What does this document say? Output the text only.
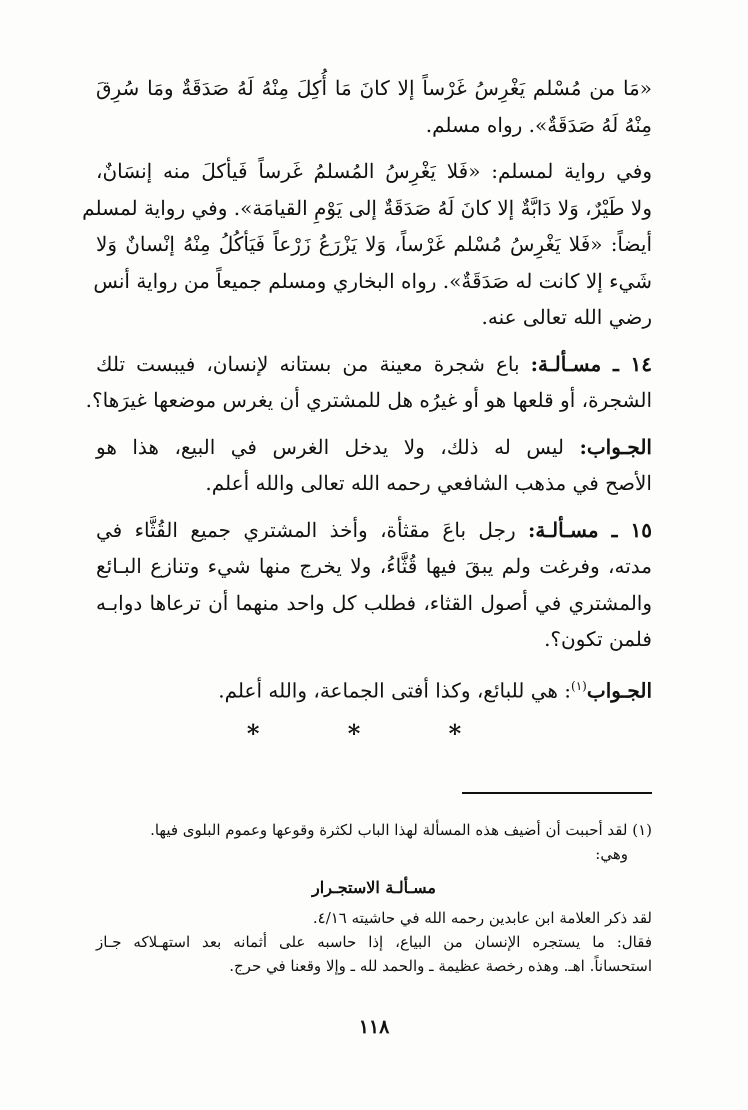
«مَا من مُسْلم يَغْرِسُ غَرْساً إلا كانَ مَا أُكِلَ مِنْهُ لَهُ صَدَقَةٌ ومَا سُرِقَ
مِنْهُ لَهُ صَدَقَةٌ». رواه مسلم.

وفي رواية لمسلم: «فَلا يَغْرِسُ المُسلمُ غَرساً فَيأكلَ منه إنسَانٌ،
ولا طَيْرٌ، وَلا دَابَّةٌ إلا كانَ لَهُ صَدَقَةٌ إلى يَوْمِ القيامَة». وفي رواية لمسلم
أيضاً: «فَلا يَغْرِسُ مُسْلم غَرْساً، وَلا يَزْرَعُ زَرْعاً فَيَأكُلُ مِنْهُ إنْسانٌ وَلا
شَيء إلا كانت له صَدَقَةٌ». رواه البخاري ومسلم جميعاً من رواية أنس
رضي الله تعالى عنه.

١٤ ـ مسـألـة: باع شجرة معينة من بستانه لإنسان، فيبست تلك
الشجرة، أو قلعها هو أو غيرُه هل للمشتري أن يغرس موضعها غيرَها؟.

الجـواب: ليس له ذلك، ولا يدخل الغرس في البيع، هذا هو
الأصح في مذهب الشافعي رحمه الله تعالى والله أعلم.

١٥ ـ مسـألـة: رجل باعَ مقثأة، وأخذ المشتري جميع القُثَّاء في
مدته، وفرغت ولم يبقَ فيها قُثَّاءُ، ولا يخرج منها شيء وتنازع البـائع
والمشتري في أصول القثاء، فطلب كل واحد منهما أن ترعاها دوابـه
فلمن تكون؟.

الجـواب$^{(١)}$: هي للبائع، وكذا أفتى الجماعة، والله أعلم.

* * *
(١) لقد أحببت أن أضيف هذه المسألة لهذا الباب لكثرة وقوعها وعموم البلوى فيها.
وهي:
مسـألـة الاستجـرار
لقد ذكر العلامة ابن عابدين رحمه الله في حاشيته ٤/١٦.
فقال: ما يستجره الإنسان من البياع، إذا حاسبه على أثمانه بعد استهـلاكه جـاز
استحساناً. اهـ. وهذه رخصة عظيمة ـ والحمد لله ـ وإلا وقعنا في حرج.
١١٨
